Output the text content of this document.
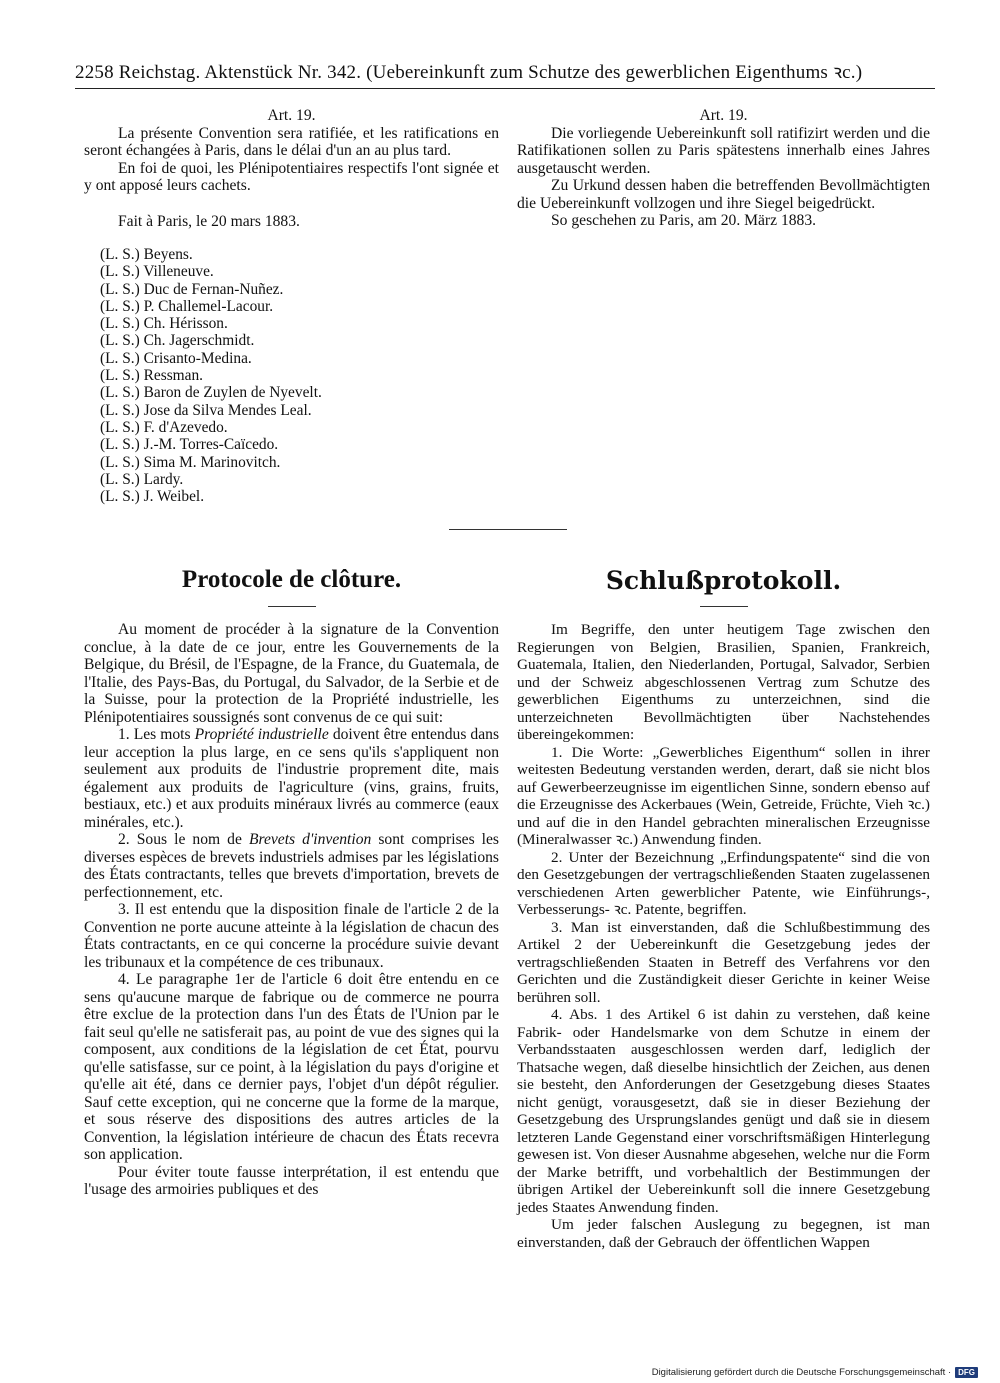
2258 Reichstag. Aktenstück Nr. 342. (Uebereinkunft zum Schutze des gewerblichen Eigenthums ꝛc.)

Art. 19.

La présente Convention sera ratifiée, et les ratifications en seront échangées à Paris, dans le délai d'un an au plus tard.

En foi de quoi, les Plénipotentiaires respectifs l'ont signée et y ont apposé leurs cachets.

Fait à Paris, le 20 mars 1883.

(L. S.) Beyens.
(L. S.) Villeneuve.
(L. S.) Duc de Fernan-Nuñez.
(L. S.) P. Challemel-Lacour.
(L. S.) Ch. Hérisson.
(L. S.) Ch. Jagerschmidt.
(L. S.) Crisanto-Medina.
(L. S.) Ressman.
(L. S.) Baron de Zuylen de Nyevelt.
(L. S.) Jose da Silva Mendes Leal.
(L. S.) F. d'Azevedo.
(L. S.) J.-M. Torres-Caïcedo.
(L. S.) Sima M. Marinovitch.
(L. S.) Lardy.
(L. S.) J. Weibel.

Art. 19.

Die vorliegende Uebereinkunft soll ratifizirt werden und die Ratifikationen sollen zu Paris spätestens innerhalb eines Jahres ausgetauscht werden.

Zu Urkund dessen haben die betreffenden Bevollmächtigten die Uebereinkunft vollzogen und ihre Siegel beigedrückt.

So geschehen zu Paris, am 20. März 1883.

Protocole de clôture.	Schlußprotokoll.

Au moment de procéder à la signature de la Convention conclue, à la date de ce jour, entre les Gouvernements de la Belgique, du Brésil, de l'Espagne, de la France, du Guatemala, de l'Italie, des Pays-Bas, du Portugal, du Salvador, de la Serbie et de la Suisse, pour la protection de la Propriété industrielle, les Plénipotentiaires soussignés sont convenus de ce qui suit:

1. Les mots Propriété industrielle doivent être entendus dans leur acception la plus large, en ce sens qu'ils s'appliquent non seulement aux produits de l'industrie proprement dite, mais également aux produits de l'agriculture (vins, grains, fruits, bestiaux, etc.) et aux produits minéraux livrés au commerce (eaux minérales, etc.).

2. Sous le nom de Brevets d'invention sont comprises les diverses espèces de brevets industriels admises par les législations des États contractants, telles que brevets d'importation, brevets de perfectionnement, etc.

3. Il est entendu que la disposition finale de l'article 2 de la Convention ne porte aucune atteinte à la législation de chacun des États contractants, en ce qui concerne la procédure suivie devant les tribunaux et la compétence de ces tribunaux.

4. Le paragraphe 1er de l'article 6 doit être entendu en ce sens qu'aucune marque de fabrique ou de commerce ne pourra être exclue de la protection dans l'un des États de l'Union par le fait seul qu'elle ne satisferait pas, au point de vue des signes qui la composent, aux conditions de la législation de cet État, pourvu qu'elle satisfasse, sur ce point, à la législation du pays d'origine et qu'elle ait été, dans ce dernier pays, l'objet d'un dépôt régulier. Sauf cette exception, qui ne concerne que la forme de la marque, et sous réserve des dispositions des autres articles de la Convention, la législation intérieure de chacun des États recevra son application.

Pour éviter toute fausse interprétation, il est entendu que l'usage des armoiries publiques et des

Im Begriffe, den unter heutigem Tage zwischen den Regierungen von Belgien, Brasilien, Spanien, Frankreich, Guatemala, Italien, den Niederlanden, Portugal, Salvador, Serbien und der Schweiz abgeschlossenen Vertrag zum Schutze des gewerblichen Eigenthums zu unterzeichnen, sind die unterzeichneten Bevollmächtigten über Nachstehendes übereingekommen:

1. Die Worte: „Gewerbliches Eigenthum“ sollen in ihrer weitesten Bedeutung verstanden werden, derart, daß sie nicht blos auf Gewerbeerzeugnisse im eigentlichen Sinne, sondern ebenso auf die Erzeugnisse des Ackerbaues (Wein, Getreide, Früchte, Vieh ꝛc.) und auf die in den Handel gebrachten mineralischen Erzeugnisse (Mineralwasser ꝛc.) Anwendung finden.

2. Unter der Bezeichnung „Erfindungspatente“ sind die von den Gesetzgebungen der vertragschließenden Staaten zugelassenen verschiedenen Arten gewerblicher Patente, wie Einführungs-, Verbesserungs- ꝛc. Patente, begriffen.

3. Man ist einverstanden, daß die Schlußbestimmung des Artikel 2 der Uebereinkunft die Gesetzgebung jedes der vertragschließenden Staaten in Betreff des Verfahrens vor den Gerichten und die Zuständigkeit dieser Gerichte in keiner Weise berühren soll.

4. Abs. 1 des Artikel 6 ist dahin zu verstehen, daß keine Fabrik- oder Handelsmarke von dem Schutze in einem der Verbandsstaaten ausgeschlossen werden darf, lediglich der Thatsache wegen, daß dieselbe hinsichtlich der Zeichen, aus denen sie besteht, den Anforderungen der Gesetzgebung dieses Staates nicht genügt, vorausgesetzt, daß sie in dieser Beziehung der Gesetzgebung des Ursprungslandes genügt und daß sie in diesem letzteren Lande Gegenstand einer vorschriftsmäßigen Hinterlegung gewesen ist. Von dieser Ausnahme abgesehen, welche nur die Form der Marke betrifft, und vorbehaltlich der Bestimmungen der übrigen Artikel der Uebereinkunft soll die innere Gesetzgebung jedes Staates Anwendung finden.

Um jeder falschen Auslegung zu begegnen, ist man einverstanden, daß der Gebrauch der öffentlichen Wappen

Digitalisierung gefördert durch die Deutsche Forschungsgemeinschaft · DFG
